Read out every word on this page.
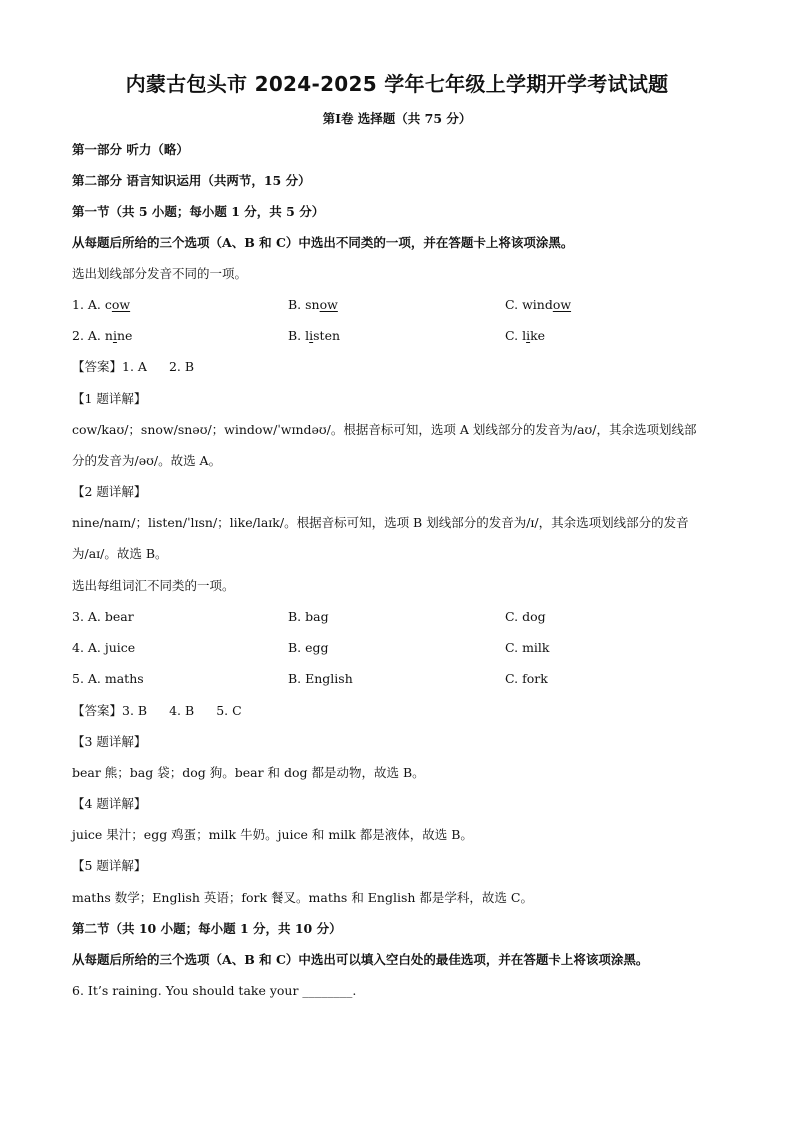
内蒙古包头市 2024-2025 学年七年级上学期开学考试试题
第Ⅰ卷 选择题（共 75 分）
第一部分 听力（略）
第二部分 语言知识运用（共两节，15 分）
第一节（共 5 小题；每小题 1 分，共 5 分）
从每题后所给的三个选项（A、B 和 C）中选出不同类的一项，并在答题卡上将该项涂黑。
选出划线部分发音不同的一项。
1. A. cow	B. snow	C. window
2. A. nine	B. listen	C. like
【答案】1. A 2. B
【1 题详解】
cow/kaʊ/；snow/snəʊ/；window/ˈwɪndəʊ/。根据音标可知，选项 A 划线部分的发音为/aʊ/，其余选项划线部
分的发音为/əʊ/。故选 A。
【2 题详解】
nine/naɪn/；listen/ˈlɪsn/；like/laɪk/。根据音标可知，选项 B 划线部分的发音为/ɪ/，其余选项划线部分的发音
为/aɪ/。故选 B。
选出每组词汇不同类的一项。
3. A. bear	B. bag	C. dog
4. A. juice	B. egg	C. milk
5. A. maths	B. English	C. fork
【答案】3. B 4. B 5. C
【3 题详解】
bear 熊；bag 袋；dog 狗。bear 和 dog 都是动物，故选 B。
【4 题详解】
juice 果汁；egg 鸡蛋；milk 牛奶。juice 和 milk 都是液体，故选 B。
【5 题详解】
maths 数学；English 英语；fork 餐叉。maths 和 English 都是学科，故选 C。
第二节（共 10 小题；每小题 1 分，共 10 分）
从每题后所给的三个选项（A、B 和 C）中选出可以填入空白处的最佳选项，并在答题卡上将该项涂黑。
6. It’s raining. You should take your ________.
